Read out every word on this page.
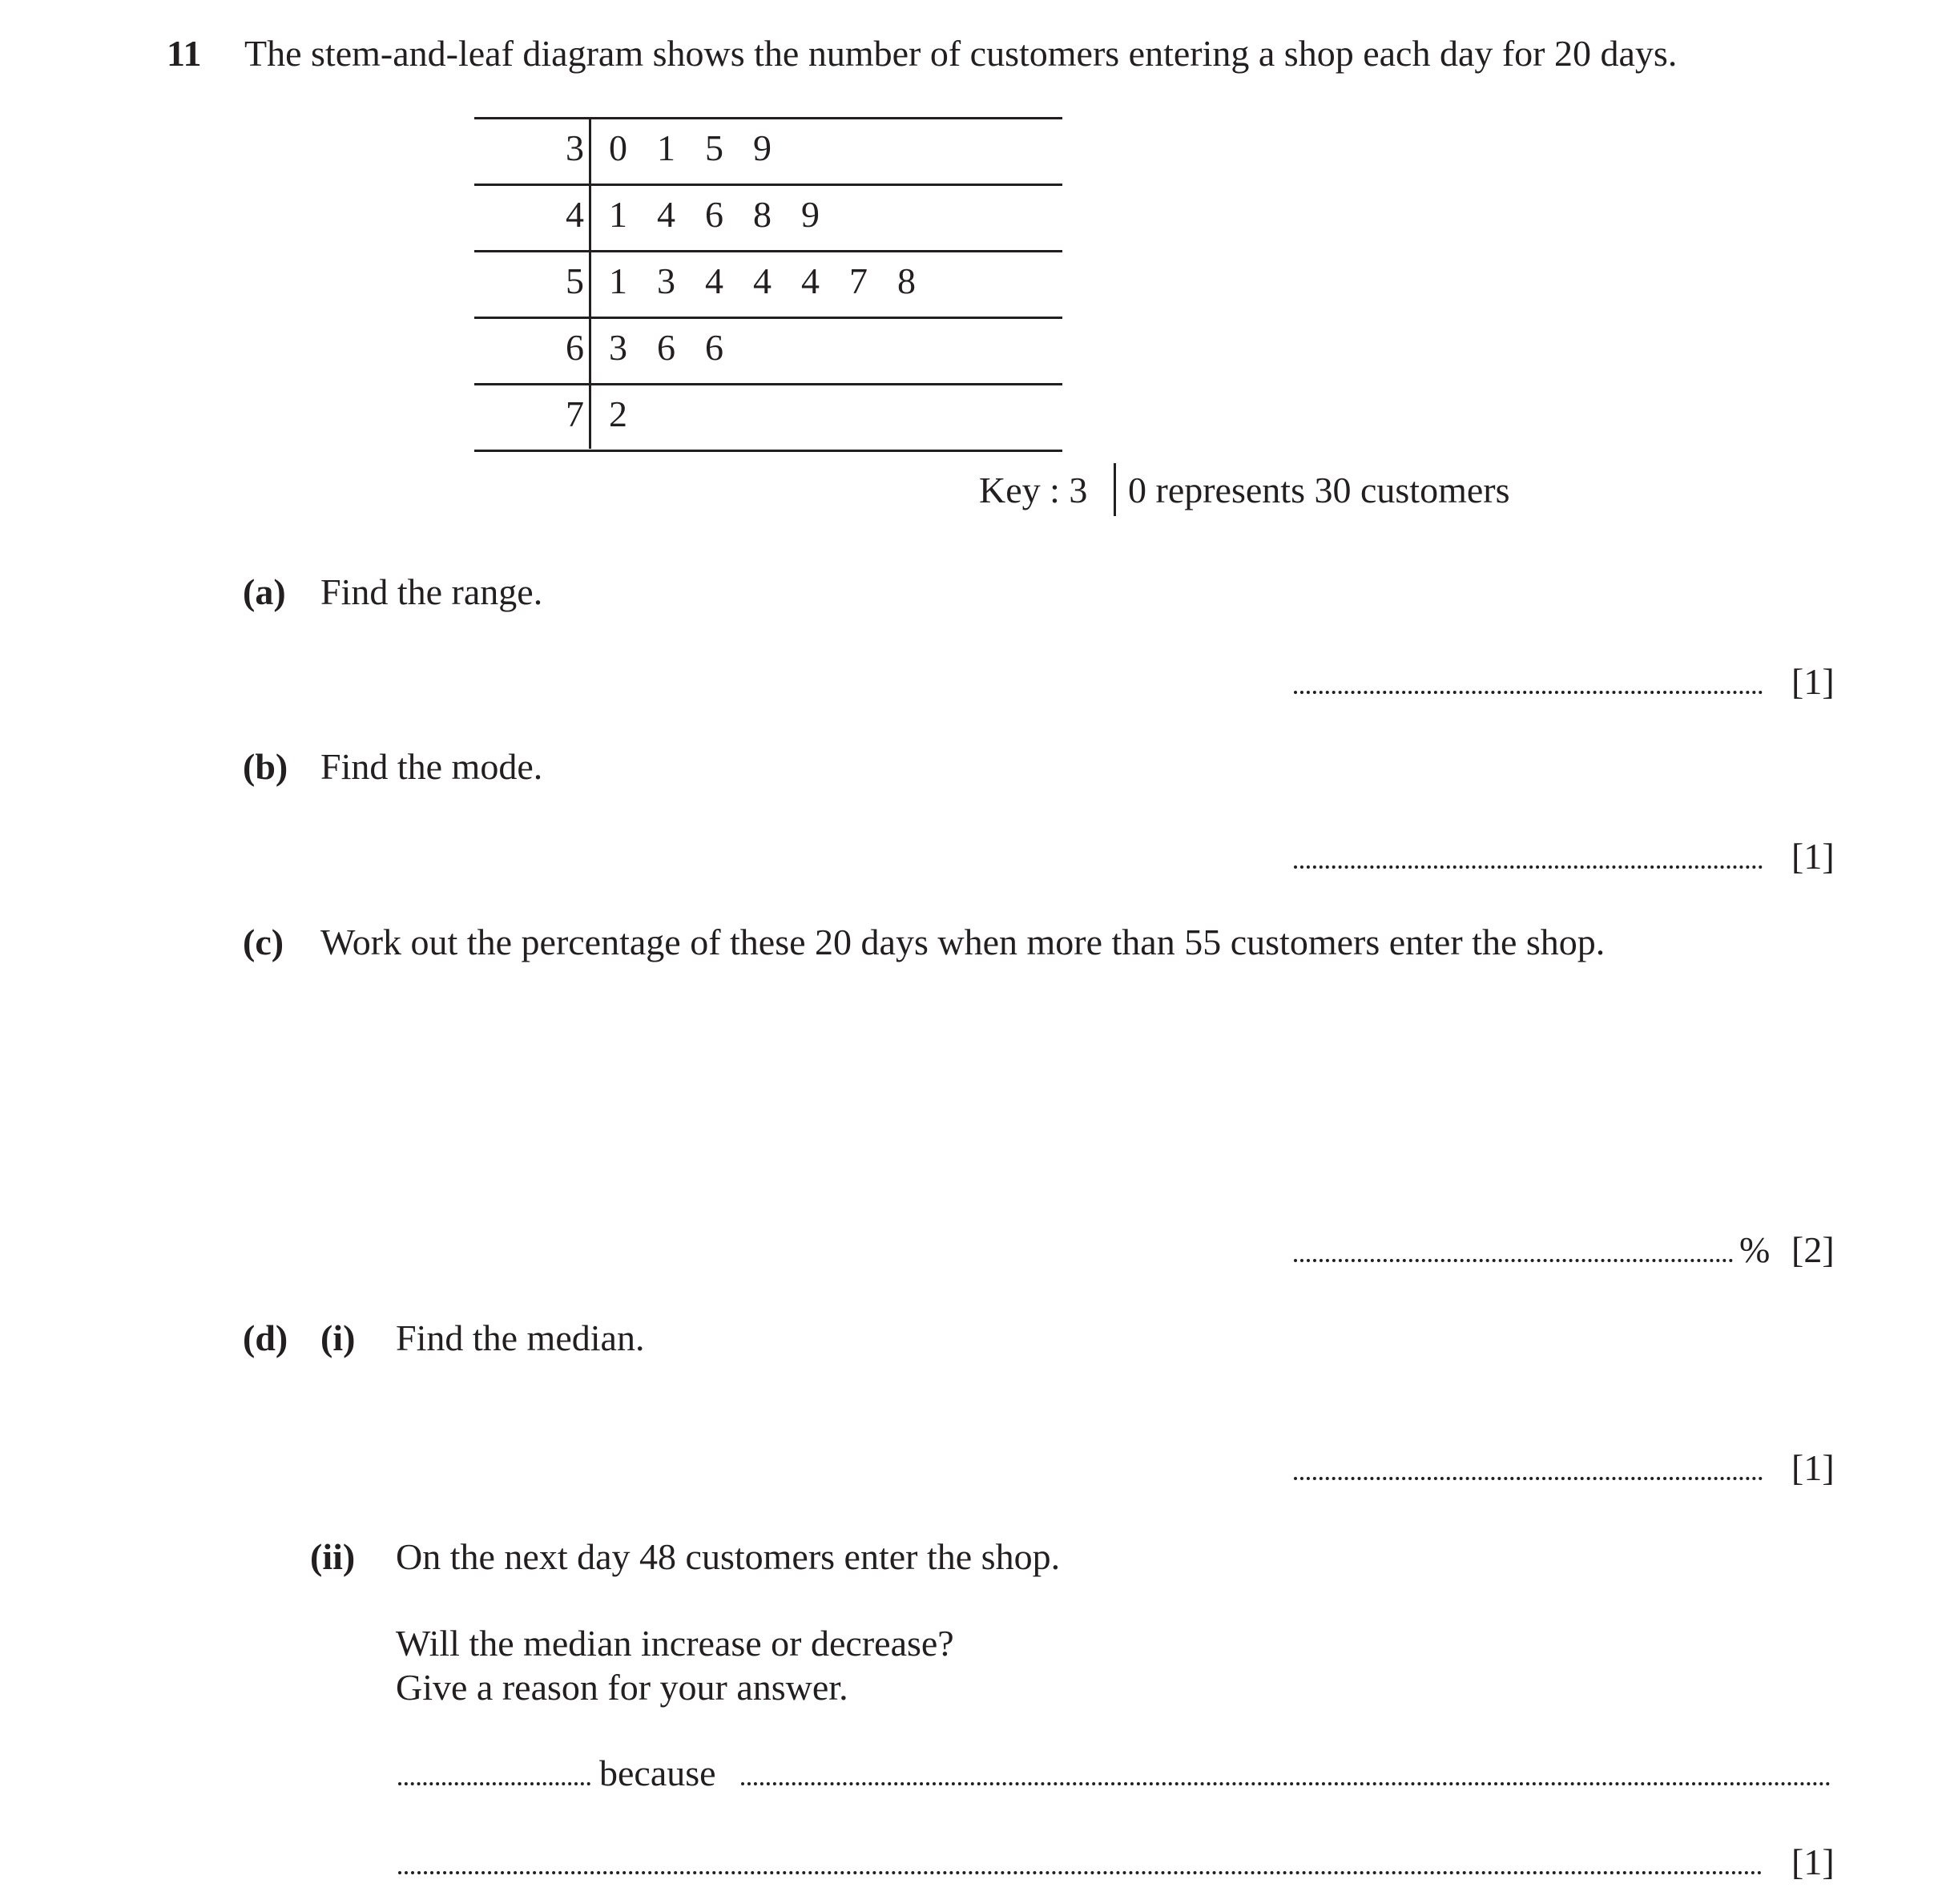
11 The stem-and-leaf diagram shows the number of customers entering a shop each day for 20 days.
3 0 1 5 9
4 1 4 6 8 9
5 1 3 4 4 4 7 8
6 3 6 6
7 2
Key : 3 0 represents 30 customers
(a) Find the range.
[1]
(b) Find the mode.
[1]
(c) Work out the percentage of these 20 days when more than 55 customers enter the shop.
% [2]
(d) (i) Find the median.
[1]
(ii) On the next day 48 customers enter the shop.
Will the median increase or decrease?
Give a reason for your answer.
because
[1]
